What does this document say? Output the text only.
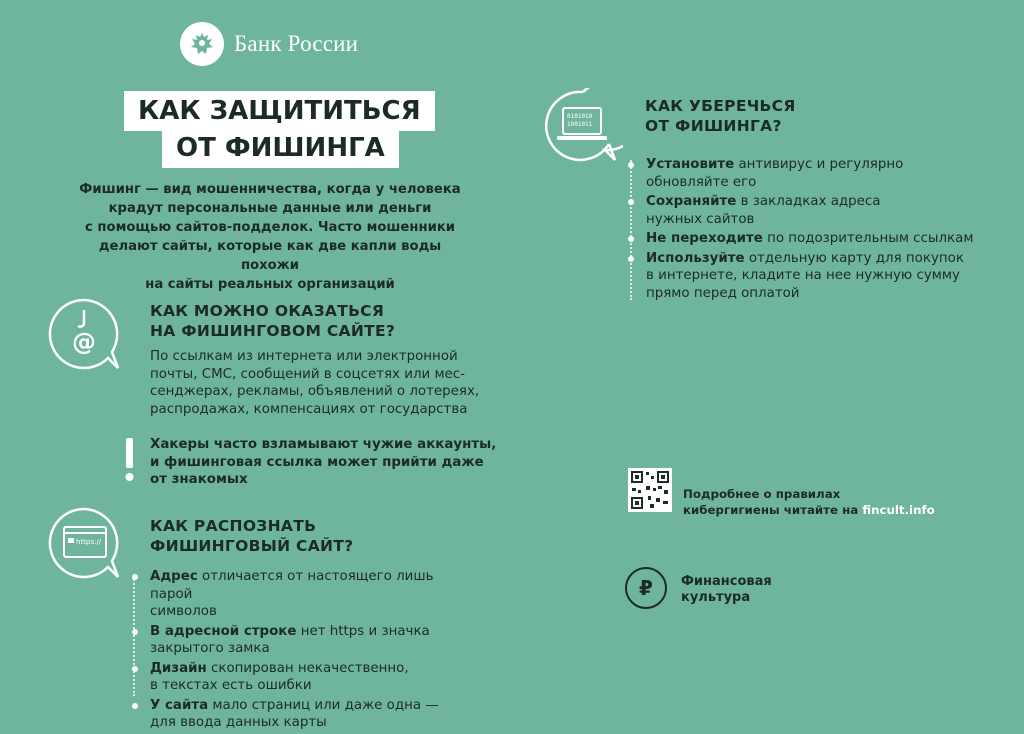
Банк России
КАК ЗАЩИТИТЬСЯ
ОТ ФИШИНГА
Фишинг — вид мошенничества, когда у человека
крадут персональные данные или деньги
с помощью сайтов-подделок. Часто мошенники
делают сайты, которые как две капли воды похожи
на сайты реальных организаций
@
КАК МОЖНО ОКАЗАТЬСЯ
НА ФИШИНГОВОМ САЙТЕ?
По ссылкам из интернета или электронной
почты, СМС, сообщений в соцсетях или мес-
сенджерах, рекламы, объявлений о лотереях,
распродажах, компенсациях от государства
Хакеры часто взламывают чужие аккаунты,
и фишинговая ссылка может прийти даже
от знакомых
https://
КАК РАСПОЗНАТЬ
ФИШИНГОВЫЙ САЙТ?
Адрес отличается от настоящего лишь парой
символов
В адресной строке нет https и значка
закрытого замка
Дизайн скопирован некачественно,
в текстах есть ошибки
У сайта мало страниц или даже одна —
для ввода данных карты
0101010
1001011
КАК УБЕРЕЧЬСЯ
ОТ ФИШИНГА?
Установите антивирус и регулярно
обновляйте его
Сохраняйте в закладках адреса
нужных сайтов
Не переходите по подозрительным ссылкам
Используйте отдельную карту для покупок
в интернете, кладите на нее нужную сумму
прямо перед оплатой
Подробнее о правилах
кибергигиены читайте на fincult.info
₽ Финансовая
культура
